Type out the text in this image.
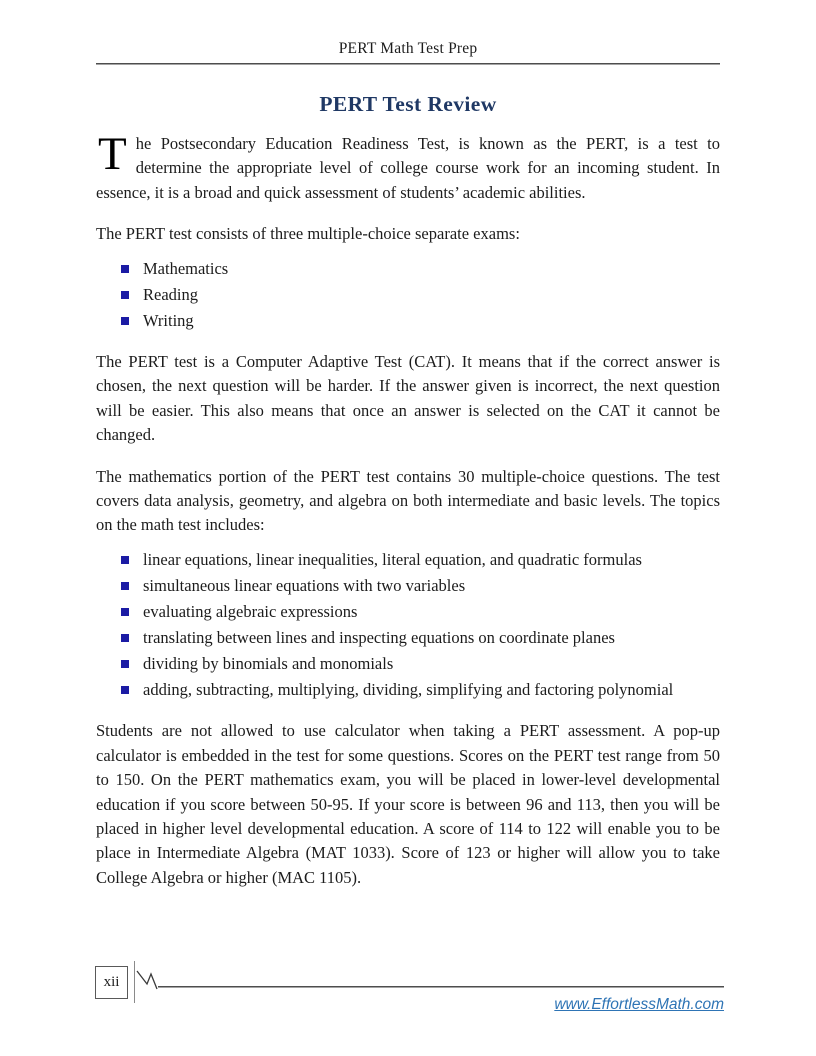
PERT Math Test Prep
PERT Test Review

The Postsecondary Education Readiness Test, is known as the PERT, is a test to determine the appropriate level of college course work for an incoming student. In essence, it is a broad and quick assessment of students’ academic abilities.

The PERT test consists of three multiple-choice separate exams:

Mathematics
Reading
Writing

The PERT test is a Computer Adaptive Test (CAT). It means that if the correct answer is chosen, the next question will be harder. If the answer given is incorrect, the next question will be easier. This also means that once an answer is selected on the CAT it cannot be changed.

The mathematics portion of the PERT test contains 30 multiple-choice questions. The test covers data analysis, geometry, and algebra on both intermediate and basic levels. The topics on the math test includes:

linear equations, linear inequalities, literal equation, and quadratic formulas
simultaneous linear equations with two variables
evaluating algebraic expressions
translating between lines and inspecting equations on coordinate planes
dividing by binomials and monomials
adding, subtracting, multiplying, dividing, simplifying and factoring polynomial

Students are not allowed to use calculator when taking a PERT assessment. A pop-up calculator is embedded in the test for some questions. Scores on the PERT test range from 50 to 150. On the PERT mathematics exam, you will be placed in lower-level developmental education if you score between 50-95. If your score is between 96 and 113, then you will be placed in higher level developmental education. A score of 114 to 122 will enable you to be place in Intermediate Algebra (MAT 1033). Score of 123 or higher will allow you to take College Algebra or higher (MAC 1105).

xii
www.EffortlessMath.com
